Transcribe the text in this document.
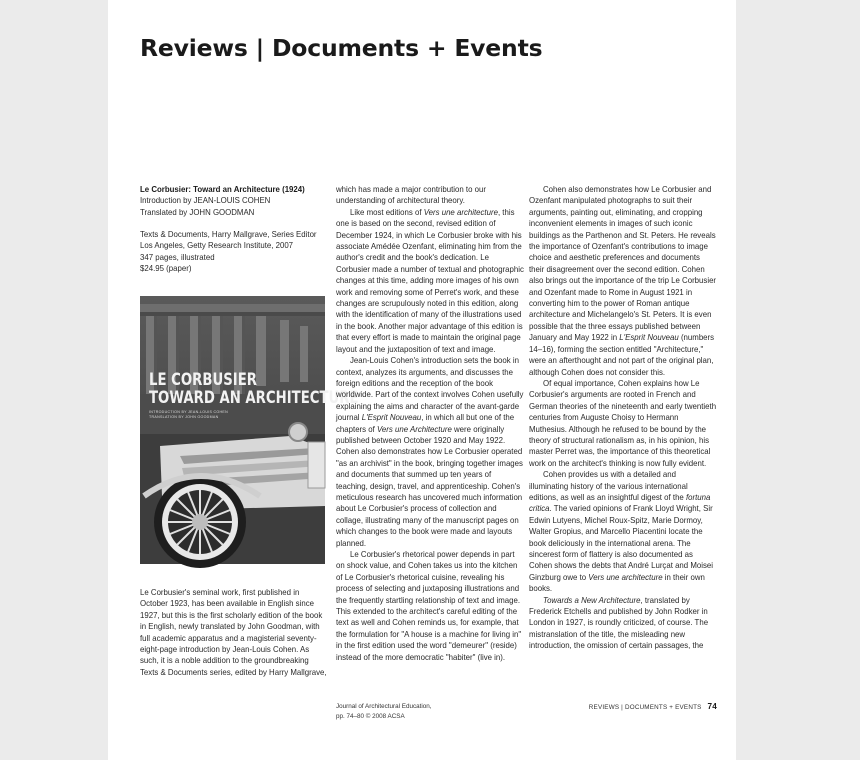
Reviews | Documents + Events

Le Corbusier: Toward an Architecture (1924)

Introduction by JEAN-LOUIS COHEN

Translated by JOHN GOODMAN

Texts & Documents, Harry Mallgrave, Series Editor

Los Angeles, Getty Research Institute, 2007

347 pages, illustrated

$24.95 (paper)

LE CORBUSIER
TOWARD AN ARCHITECTURE

INTRODUCTION BY JEAN-LOUIS COHEN
TRANSLATION BY JOHN GOODMAN

Le Corbusier's seminal work, first published in October 1923, has been available in English since 1927, but this is the first scholarly edition of the book in English, newly translated by John Goodman, with full academic apparatus and a magisterial seventy-eight-page introduction by Jean-Louis Cohen. As such, it is a noble addition to the groundbreaking Texts & Documents series, edited by Harry Mallgrave,

which has made a major contribution to our understanding of architectural theory.

Like most editions of Vers une architecture, this one is based on the second, revised edition of December 1924, in which Le Corbusier broke with his associate Amédée Ozenfant, eliminating him from the author's credit and the book's dedication. Le Corbusier made a number of textual and photographic changes at this time, adding more images of his own work and removing some of Perret's work, and these changes are scrupulously noted in this edition, along with the identification of many of the illustrations used in the book. Another major advantage of this edition is that every effort is made to maintain the original page layout and the juxtaposition of text and image.

Jean-Louis Cohen's introduction sets the book in context, analyzes its arguments, and discusses the foreign editions and the reception of the book worldwide. Part of the context involves Cohen usefully explaining the aims and character of the avant-garde journal L'Esprit Nouveau, in which all but one of the chapters of Vers une Architecture were originally published between October 1920 and May 1922. Cohen also demonstrates how Le Corbusier operated "as an archivist" in the book, bringing together images and documents that summed up ten years of teaching, design, travel, and apprenticeship. Cohen's meticulous research has uncovered much information about Le Corbusier's process of collection and collage, illustrating many of the manuscript pages on which changes to the book were made and layouts planned.

Le Corbusier's rhetorical power depends in part on shock value, and Cohen takes us into the kitchen of Le Corbusier's rhetorical cuisine, revealing his process of selecting and juxtaposing illustrations and the frequently startling relationship of text and image. This extended to the architect's careful editing of the text as well and Cohen reminds us, for example, that the formulation for "A house is a machine for living in" in the first edition used the word "demeurer" (reside) instead of the more democratic "habiter" (live in).

Cohen also demonstrates how Le Corbusier and Ozenfant manipulated photographs to suit their arguments, painting out, eliminating, and cropping inconvenient elements in images of such iconic buildings as the Parthenon and St. Peters. He reveals the importance of Ozenfant's contributions to image choice and aesthetic preferences and documents their disagreement over the second edition. Cohen also brings out the importance of the trip Le Corbusier and Ozenfant made to Rome in August 1921 in converting him to the power of Roman antique architecture and Michelangelo's St. Peters. It is even possible that the three essays published between January and May 1922 in L'Esprit Nouveau (numbers 14–16), forming the section entitled "Architecture," were an afterthought and not part of the original plan, although Cohen does not consider this.

Of equal importance, Cohen explains how Le Corbusier's arguments are rooted in French and German theories of the nineteenth and early twentieth centuries from Auguste Choisy to Hermann Muthesius. Although he refused to be bound by the theory of structural rationalism as, in his opinion, his master Perret was, the importance of this theoretical work on the architect's thinking is now fully evident.

Cohen provides us with a detailed and illuminating history of the various international editions, as well as an insightful digest of the fortuna critica. The varied opinions of Frank Lloyd Wright, Sir Edwin Lutyens, Michel Roux-Spitz, Marie Dormoy, Walter Gropius, and Marcello Piacentini locate the book deliciously in the international arena. The sincerest form of flattery is also documented as Cohen shows the debts that André Lurçat and Moisei Ginzburg owe to Vers une architecture in their own books.

Towards a New Architecture, translated by Frederick Etchells and published by John Rodker in London in 1927, is roundly criticized, of course. The mistranslation of the title, the misleading new introduction, the omission of certain passages, the

Journal of Architectural Education,

pp. 74–80 © 2008 ACSA

REVIEWS | DOCUMENTS + EVENTS 74
